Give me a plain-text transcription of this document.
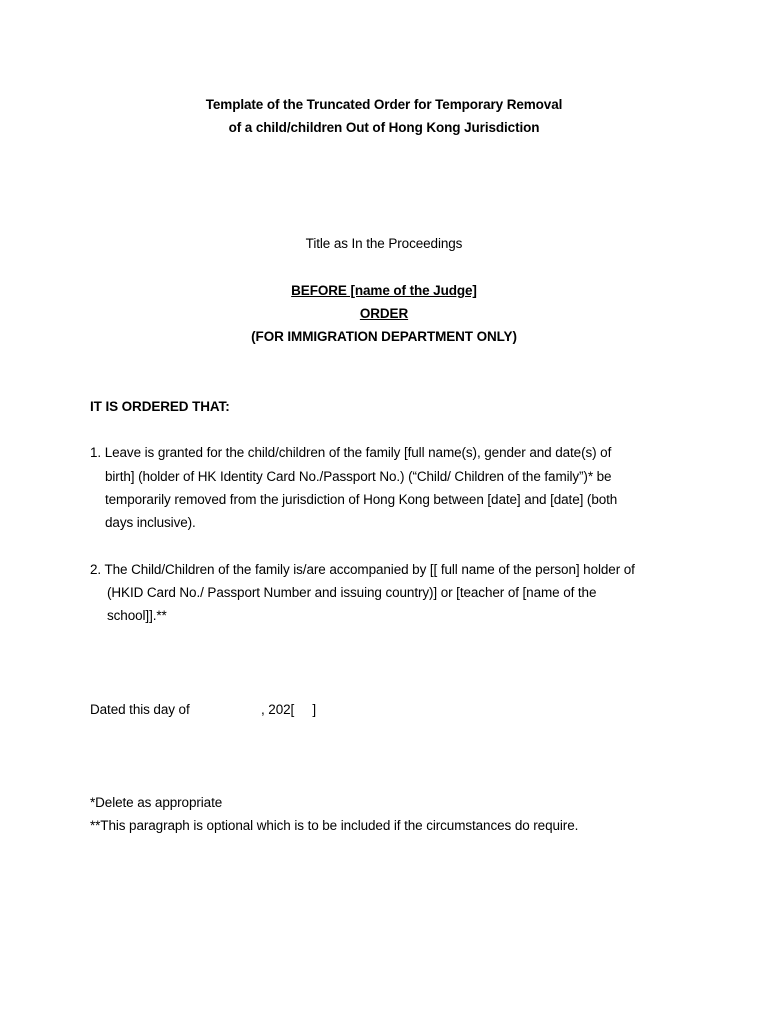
Template of the Truncated Order for Temporary Removal
of a child/children Out of Hong Kong Jurisdiction
Title as In the Proceedings
BEFORE [name of the Judge]
ORDER
(FOR IMMIGRATION DEPARTMENT ONLY)
IT IS ORDERED THAT:
1. Leave is granted for the child/children of the family [full name(s), gender and date(s) of
birth] (holder of HK Identity Card No./Passport No.) (“Child/ Children of the family”)* be
temporarily removed from the jurisdiction of Hong Kong between [date] and [date] (both
days inclusive).
2. The Child/Children of the family is/are accompanied by [[ full name of the person] holder of
(HKID Card No./ Passport Number and issuing country)] or [teacher of [name of the
school]].**
Dated this day of	, 202[     ]
*Delete as appropriate
**This paragraph is optional which is to be included if the circumstances do require.
